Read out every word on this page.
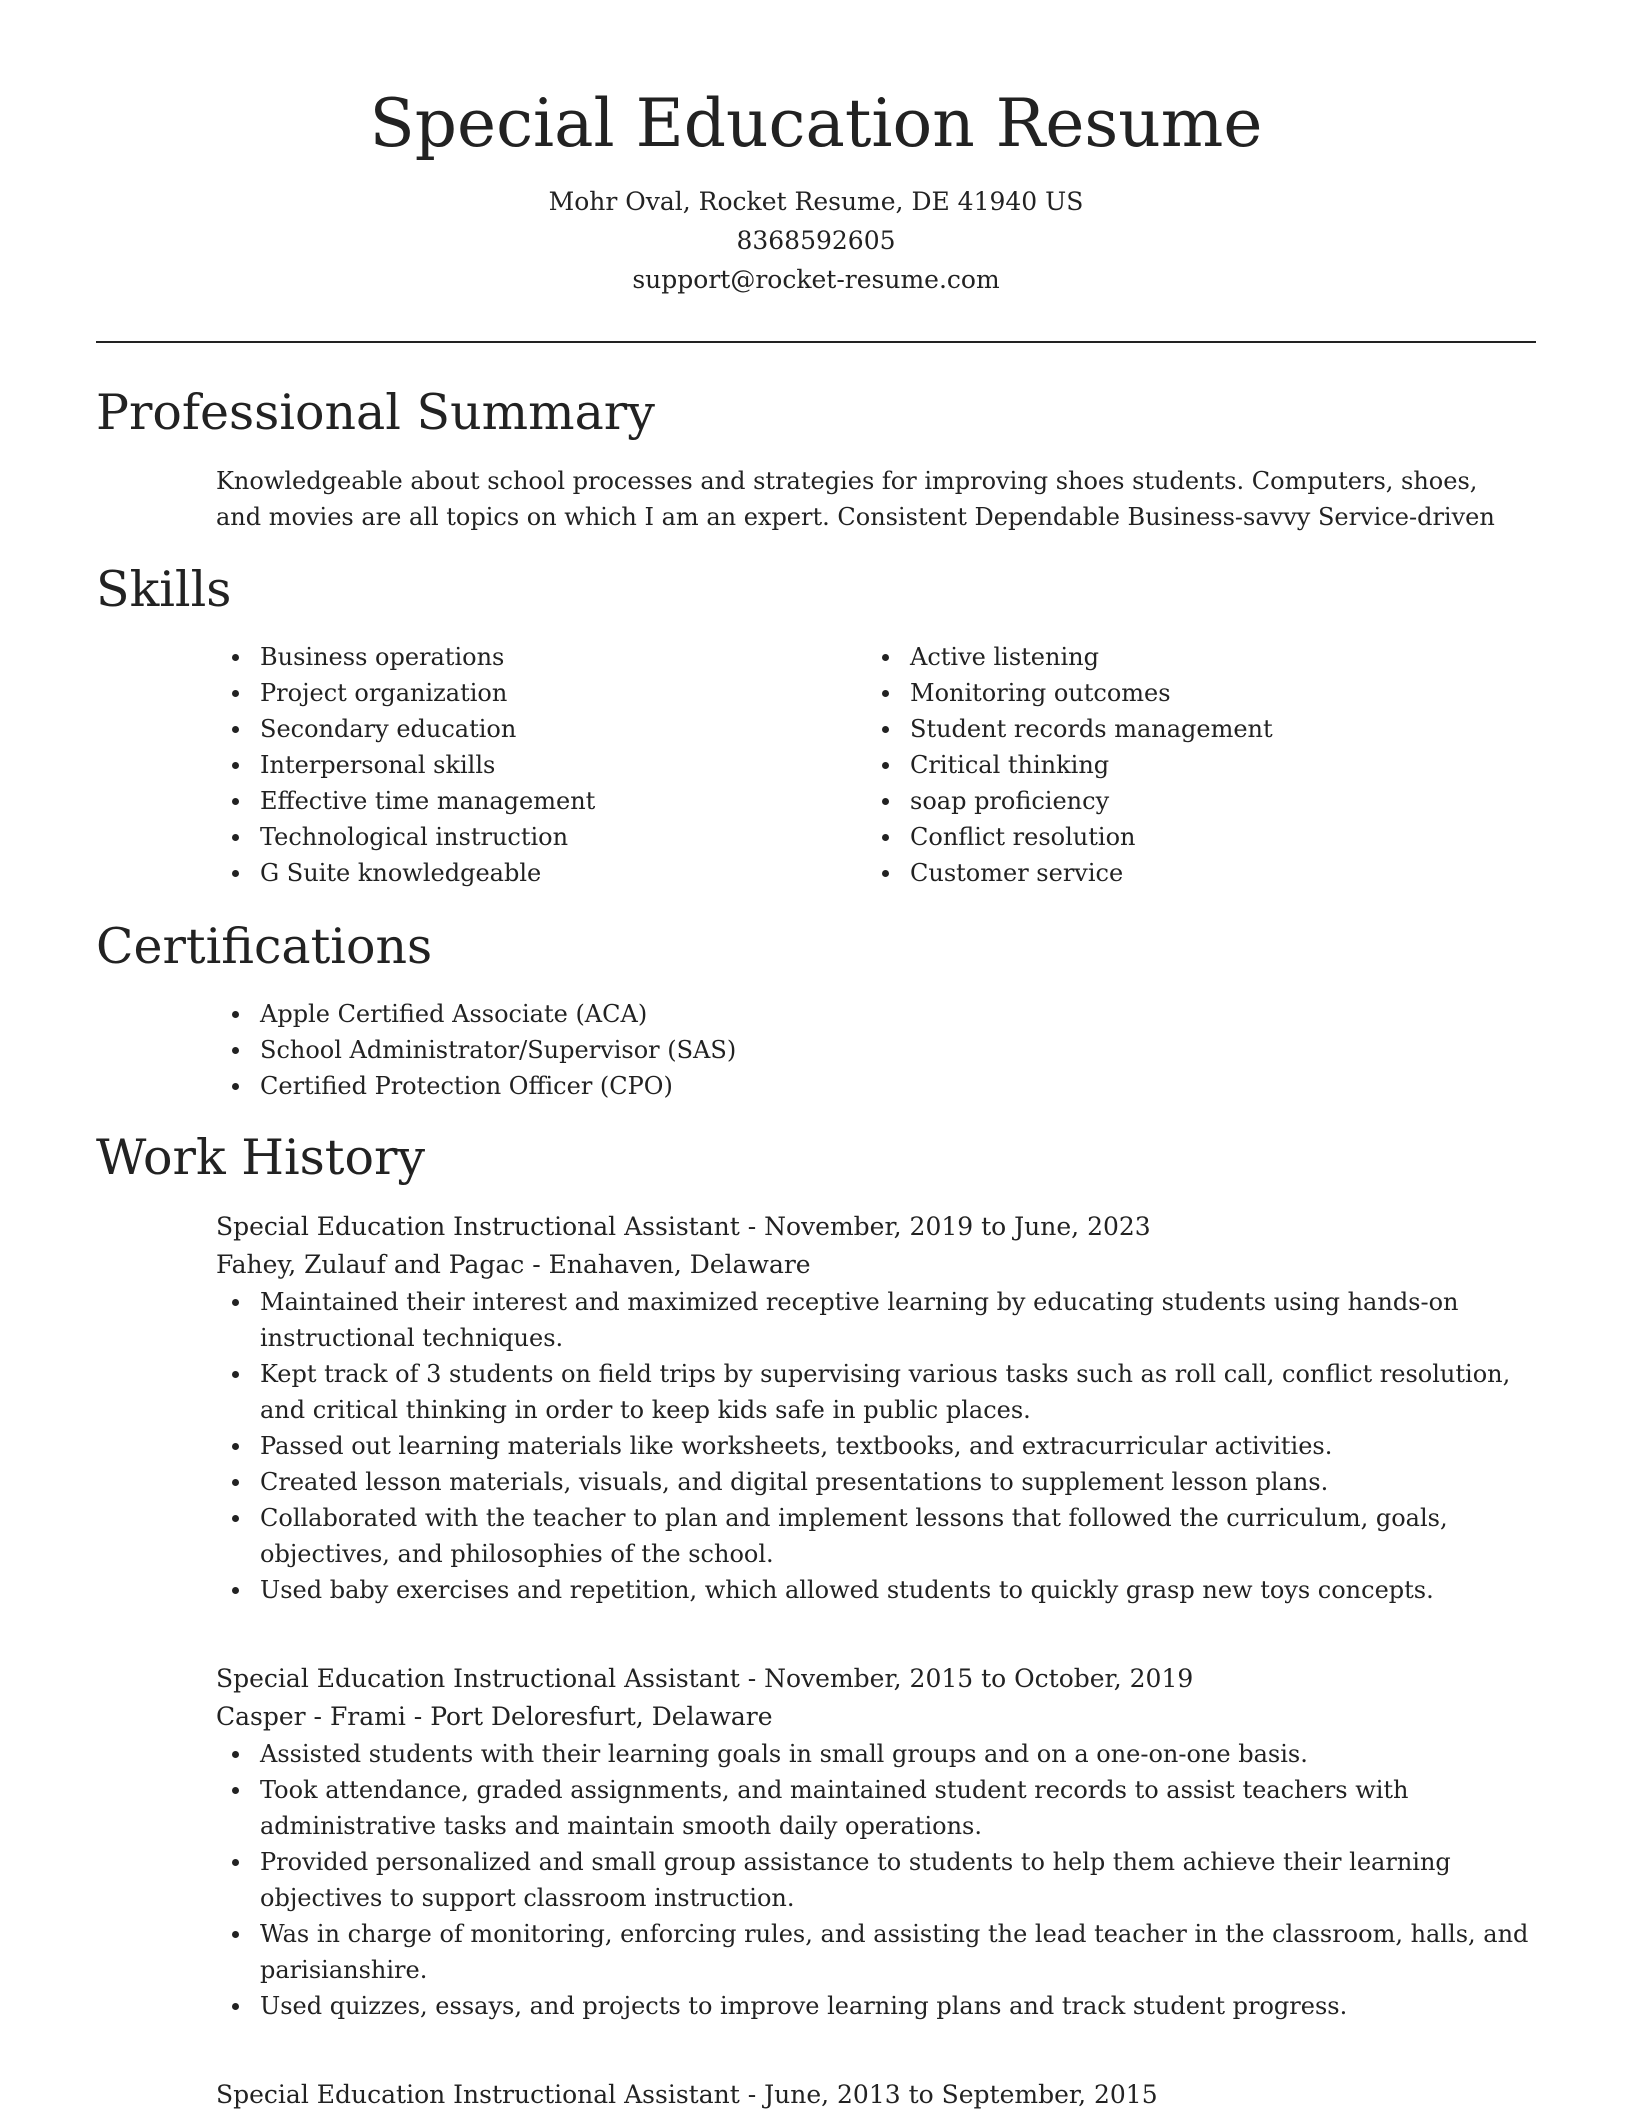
Special Education Resume
Mohr Oval, Rocket Resume, DE 41940 US
8368592605
support@rocket-resume.com
Professional Summary
Knowledgeable about school processes and strategies for improving shoes students. Computers, shoes, and movies are all topics on which I am an expert. Consistent Dependable Business-savvy Service-driven
Skills
Business operations
Project organization
Secondary education
Interpersonal skills
Effective time management
Technological instruction
G Suite knowledgeable
Active listening
Monitoring outcomes
Student records management
Critical thinking
soap proficiency
Conflict resolution
Customer service
Certifications
Apple Certified Associate (ACA)
School Administrator/Supervisor (SAS)
Certified Protection Officer (CPO)
Work History
Special Education Instructional Assistant - November, 2019 to June, 2023
Fahey, Zulauf and Pagac - Enahaven, Delaware
Maintained their interest and maximized receptive learning by educating students using hands-on instructional techniques.
Kept track of 3 students on field trips by supervising various tasks such as roll call, conflict resolution, and critical thinking in order to keep kids safe in public places.
Passed out learning materials like worksheets, textbooks, and extracurricular activities.
Created lesson materials, visuals, and digital presentations to supplement lesson plans.
Collaborated with the teacher to plan and implement lessons that followed the curriculum, goals, objectives, and philosophies of the school.
Used baby exercises and repetition, which allowed students to quickly grasp new toys concepts.
Special Education Instructional Assistant - November, 2015 to October, 2019
Casper - Frami - Port Deloresfurt, Delaware
Assisted students with their learning goals in small groups and on a one-on-one basis.
Took attendance, graded assignments, and maintained student records to assist teachers with administrative tasks and maintain smooth daily operations.
Provided personalized and small group assistance to students to help them achieve their learning objectives to support classroom instruction.
Was in charge of monitoring, enforcing rules, and assisting the lead teacher in the classroom, halls, and parisianshire.
Used quizzes, essays, and projects to improve learning plans and track student progress.
Special Education Instructional Assistant - June, 2013 to September, 2015
